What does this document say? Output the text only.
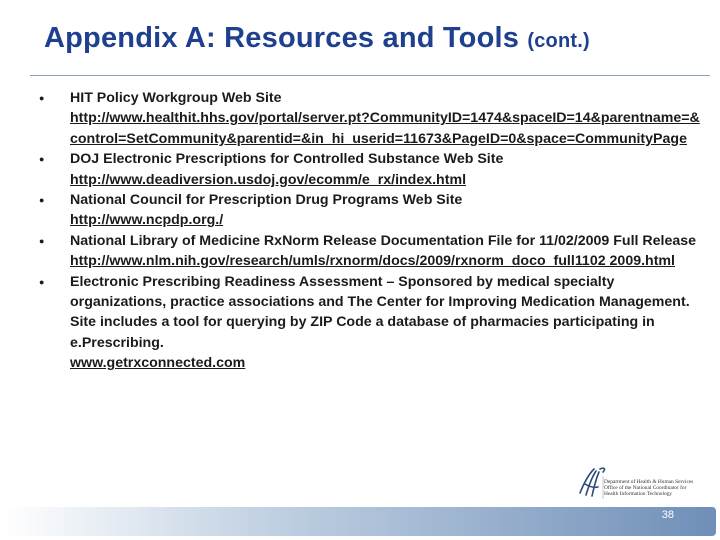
Appendix A: Resources and Tools (cont.)
● HIT Policy Workgroup Web Site
http://www.healthit.hhs.gov/portal/server.pt?CommunityID=1474&spaceID=14&parentname=&control=SetCommunity&parentid=&in_hi_userid=11673&PageID=0&space=CommunityPage
● DOJ Electronic Prescriptions for Controlled Substance Web Site
http://www.deadiversion.usdoj.gov/ecomm/e_rx/index.html
● National Council for Prescription Drug Programs Web Site
http://www.ncpdp.org./
● National Library of Medicine RxNorm Release Documentation File for 11/02/2009 Full Release
http://www.nlm.nih.gov/research/umls/rxnorm/docs/2009/rxnorm_doco_full1102 2009.html
● Electronic Prescribing Readiness Assessment – Sponsored by medical specialty organizations, practice associations and The Center for Improving Medication Management. Site includes a tool for querying by ZIP Code a database of pharmacies participating in e.Prescribing.
www.getrxconnected.com
Department of Health & Human Services
Office of the National Coordinator for
Health Information Technology
38
